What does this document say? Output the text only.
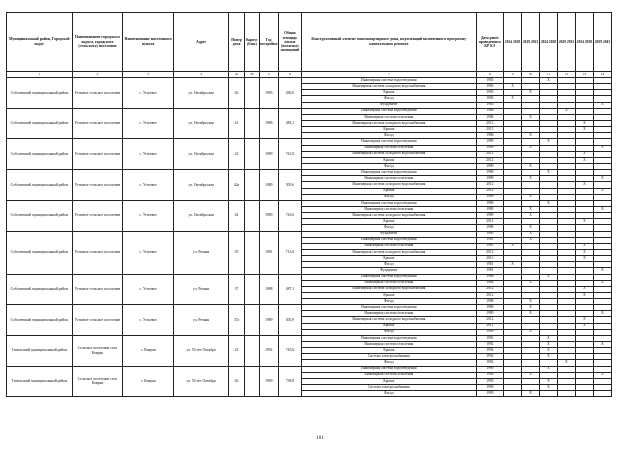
Муниципальный район, Городской округ	Наименование городского округа, городского (сельского) поселения	Наименование населенного пункта	Адрес	Номер дома	Корпус (блок)	Год постройки	Общая площадь жилых (нежилых) помещений	Конструктивный элемент многоквартирного дома, подлежащий включению в программу капитального ремонта	Дата ранее проведенного КР КЭ	2014 2018	2019 2023	2024 2028	2029 2033	2034 2038	2039 2043
1	2	3	4	4а	4б	5	6	7	8	9	10	11	12	13	14
Соболевский муниципальный район	Устьевое сельское поселение	с. Устьевое	ул. Октябрьская	26		1983	260,0	Инженерная система водоотведения	1983			X			
								Инженерная система холодного водоснабжения	1983	X					
								Крыша	1983		X				
								Фасад	1983	X					
								Фундамент	1983						X
Соболевский муниципальный район	Устьевое сельское поселение	с. Устьевое	ул. Октябрьская	41		1986	483,1	Инженерная система водоотведения	1986				X		
								Инженерная система отопления	1986		X				
								Инженерная система холодного водоснабжения	2012					X	
								Крыша	2013					X	
								Фасад	1986		X				
Соболевский муниципальный район	Устьевое сельское поселение	с. Устьевое	ул. Октябрьская	42		1989	741,8	Инженерная система водоотведения	1989			X			
								Инженерная система отопления	1989		X				X
								Инженерная система холодного водоснабжения	2012					X	
								Крыша	2012					X	
								Фасад	1989		X				
Соболевский муниципальный район	Устьевое сельское поселение	с. Устьевое	ул. Октябрьская	42а		1989	305,6	Инженерная система водоотведения	1989			X			
								Инженерная система отопления	1989		X				X
								Инженерная система холодного водоснабжения	2012					X	
								Крыша	2012						X
								Фасад	1989		X				
Соболевский муниципальный район	Устьевое сельское поселение	с. Устьевое	ул. Октябрьская	44		1989	743,6	Инженерная система водоотведения	1989			X			
								Инженерная система отопления	1989		X				X
								Инженерная система холодного водоснабжения	1989		X				
								Крыша	2012					X	
								Фасад	1989		X				
Соболевский муниципальный район	Устьевое сельское поселение	с. Устьевое	ул. Речная	35		1981	713,0	Фундамент	1989		X				
								Инженерная система водоотведения	1981		X				
								Инженерная система отопления	1981	X				X	
								Инженерная система холодного водоснабжения	2012					X	
								Крыша	2013					X	
								Фасад	1981	X					
								Фундамент	1981						X
Соболевский муниципальный район	Устьевое сельское поселение	с. Устьевое	ул. Речная	37		1988	487,1	Инженерная система водоотведения	1988			X			
								Инженерная система отопления	1988		X				X
								Инженерная система холодного водоснабжения	2012					X	
								Крыша	2012					X	
								Фасад	1988		X				
Соболевский муниципальный район	Устьевое сельское поселение	с. Устьевое	ул. Речная	37а		1989	305,9	Инженерная система водоотведения	1989		X				
								Инженерная система отопления	1989		X				X
								Инженерная система холодного водоснабжения	2012					X	
								Крыша	2012					X	
								Фасад	1989		X				
Тигильский муниципальный район	Сельское поселение село Ковран	с. Ковран	ул. 50 лет Октября	23		1992	745,6	Инженерная система водоотведения	1992			X			
								Инженерная система отопления	1992			X			X
								Крыша	1992			X			
								Система электроснабжения	1992			X			
								Фасад	1992				X		
Тигильский муниципальный район	Сельское поселение село Ковран	с. Ковран	ул. 50 лет Октября	26		1990	738,8	Инженерная система водоотведения	1990			X			
								Инженерная система отопления	1990		X				X
								Крыша	1990			X			
								Система электроснабжения	1990			X			
								Фасад	1990		X				
101
